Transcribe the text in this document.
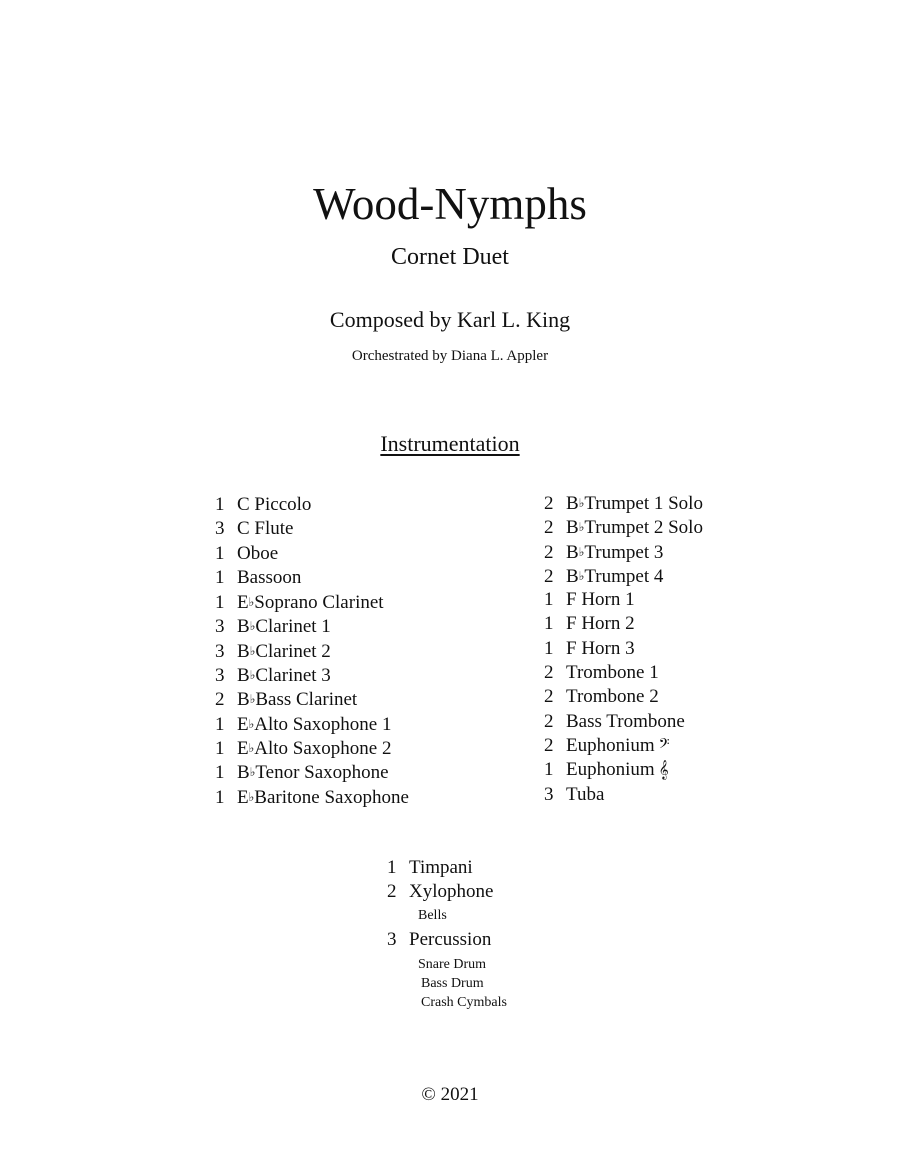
Wood-Nymphs
Cornet Duet
Composed by Karl L. King
Orchestrated by Diana L. Appler
Instrumentation
1 C Piccolo
3 C Flute
1 Oboe
1 Bassoon
1 E♭Soprano Clarinet
3 B♭Clarinet 1
3 B♭Clarinet 2
3 B♭Clarinet 3
2 B♭Bass Clarinet
1 E♭Alto Saxophone 1
1 E♭Alto Saxophone 2
1 B♭Tenor Saxophone
1 E♭Baritone Saxophone
2 B♭Trumpet 1 Solo
2 B♭Trumpet 2 Solo
2 B♭Trumpet 3
2 B♭Trumpet 4
1 F Horn 1
1 F Horn 2
1 F Horn 3
2 Trombone 1
2 Trombone 2
2 Bass Trombone
2 Euphonium 𝄢
1 Euphonium 𝄞
3 Tuba
1 Timpani
2 Xylophone
Bells
3 Percussion
Snare Drum
Bass Drum
Crash Cymbals
© 2021
